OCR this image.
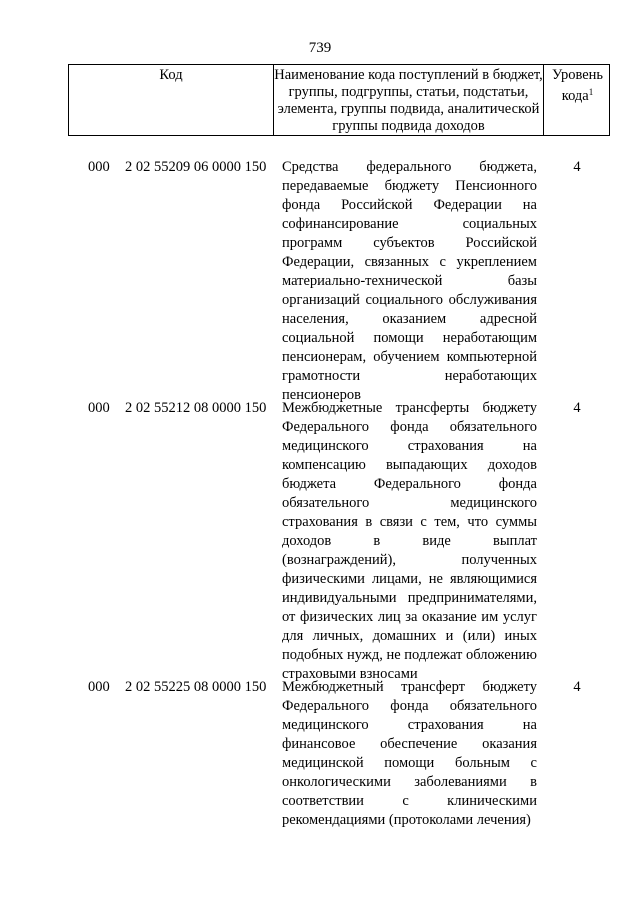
739
Код	Наименование кода поступлений в бюджет, группы, подгруппы, статьи, подстатьи, элемента, группы подвида, аналитической группы подвида доходов
Уровень кода$^1$
000 2 02 55209 06 0000 150 Средства федерального бюджета, передаваемые бюджету Пенсионного фонда Российской Федерации на софинансирование социальных программ субъектов Российской Федерации, связанных с укреплением материально-технической базы организаций социального обслуживания населения, оказанием адресной социальной помощи неработающим пенсионерам, обучением компьютерной грамотности неработающих пенсионеров
4
000 2 02 55212 08 0000 150 Межбюджетные трансферты бюджету Федерального фонда обязательного медицинского страхования на компенсацию выпадающих доходов бюджета Федерального фонда обязательного медицинского страхования в связи с тем, что суммы доходов в виде выплат (вознаграждений), полученных физическими лицами, не являющимися индивидуальными предпринимателями, от физических лиц за оказание им услуг для личных, домашних и (или) иных подобных нужд, не подлежат обложению страховыми взносами
4
000 2 02 55225 08 0000 150 Межбюджетный трансферт бюджету Федерального фонда обязательного медицинского страхования на финансовое обеспечение оказания медицинской помощи больным с онкологическими заболеваниями в соответствии с клиническими рекомендациями (протоколами лечения)
4
